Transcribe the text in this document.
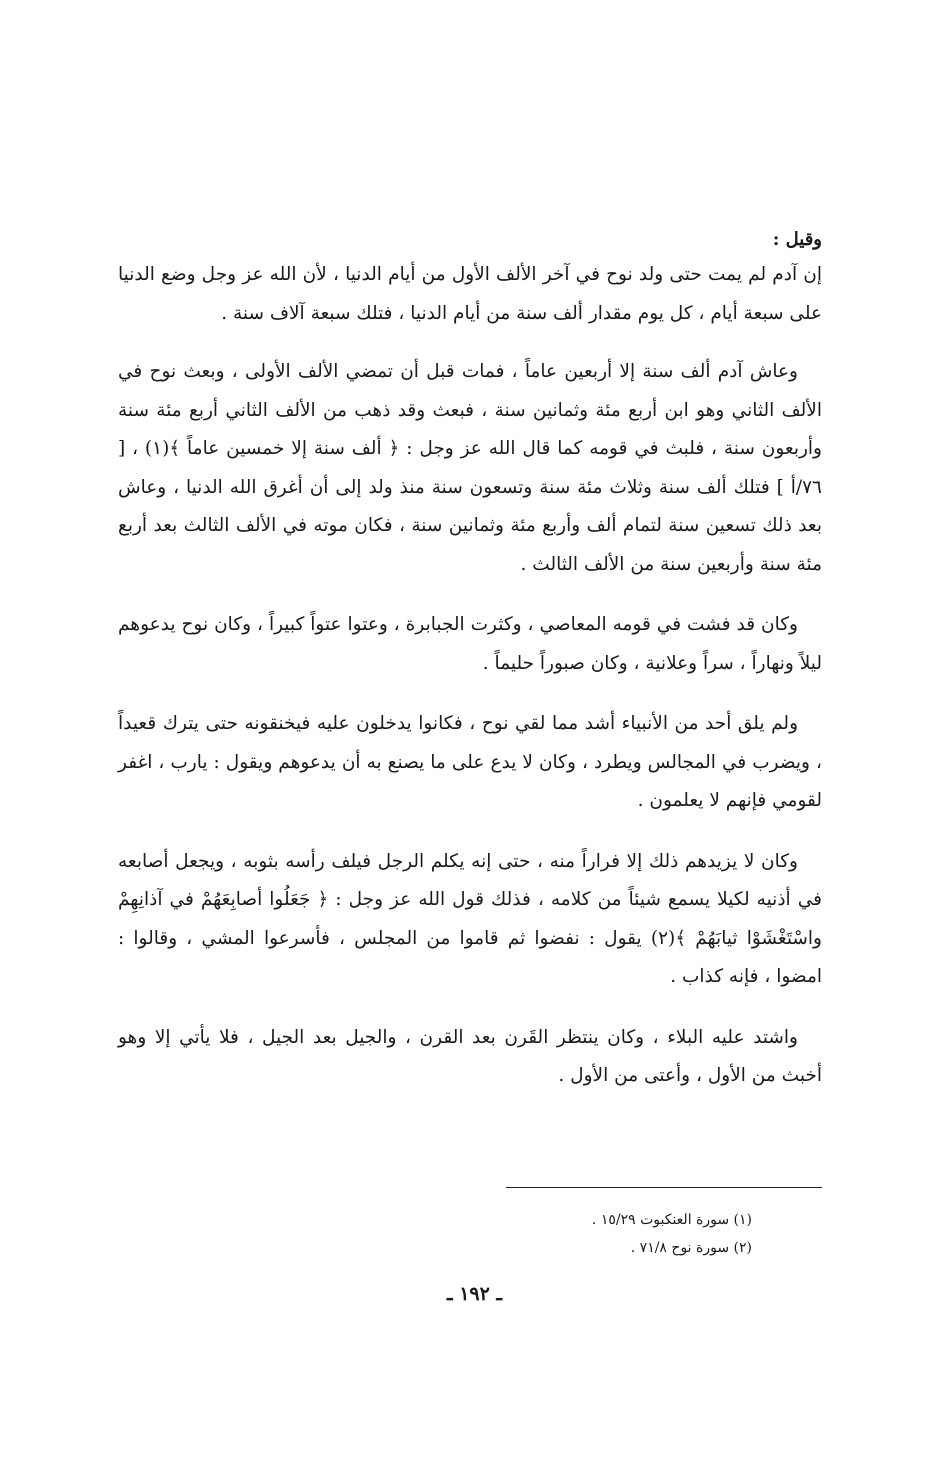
وقيل :

إن آدم لم يمت حتى ولد نوح في آخر الألف الأول من أيام الدنيا ، لأن الله عز وجل وضع الدنيا على سبعة أيام ، كل يوم مقدار ألف سنة من أيام الدنيا ، فتلك سبعة آلاف سنة .

وعاش آدم ألف سنة إلا أربعين عاماً ، فمات قبل أن تمضي الألف الأولى ، وبعث نوح في الألف الثاني وهو ابن أربع مئة وثمانين سنة ، فبعث وقد ذهب من الألف الثاني أربع مئة سنة وأربعون سنة ، فلبث في قومه كما قال الله عز وجل : ﴿ ألف سنة إلا خمسين عاماً ﴾(١) ، [ ٧٦/أ ] فتلك ألف سنة وثلاث مئة سنة وتسعون سنة منذ ولد إلى أن أغرق الله الدنيا ، وعاش بعد ذلك تسعين سنة لتمام ألف وأربع مئة وثمانين سنة ، فكان موته في الألف الثالث بعد أربع مئة سنة وأربعين سنة من الألف الثالث .

وكان قد فشت في قومه المعاصي ، وكثرت الجبابرة ، وعتوا عتواً كبيراً ، وكان نوح يدعوهم ليلاً ونهاراً ، سراً وعلانية ، وكان صبوراً حليماً .

ولم يلق أحد من الأنبياء أشد مما لقي نوح ، فكانوا يدخلون عليه فيخنقونه حتى يترك قعيداً ، ويضرب في المجالس ويطرد ، وكان لا يدع على ما يصنع به أن يدعوهم ويقول : يارب ، اغفر لقومي فإنهم لا يعلمون .

وكان لا يزيدهم ذلك إلا فراراً منه ، حتى إنه يكلم الرجل فيلف رأسه بثوبه ، ويجعل أصابعه في أذنيه لكيلا يسمع شيئاً من كلامه ، فذلك قول الله عز وجل : ﴿ جَعَلُوا أصابِعَهُمْ في آذانِهِمْ واسْتَغْشَوْا ثيابَهُمْ ﴾(٢) يقول : نفضوا ثم قاموا من المجلس ، فأسرعوا المشي ، وقالوا : امضوا ، فإنه كذاب .

واشتد عليه البلاء ، وكان ينتظر القَرن بعد القرن ، والجيل بعد الجيل ، فلا يأتي إلا وهو أخبث من الأول ، وأعتى من الأول .

(١) سورة العنكبوت ١٥/٢٩ .

(٢) سورة نوح ٧١/٨ .

ـ ١٩٢ ـ
